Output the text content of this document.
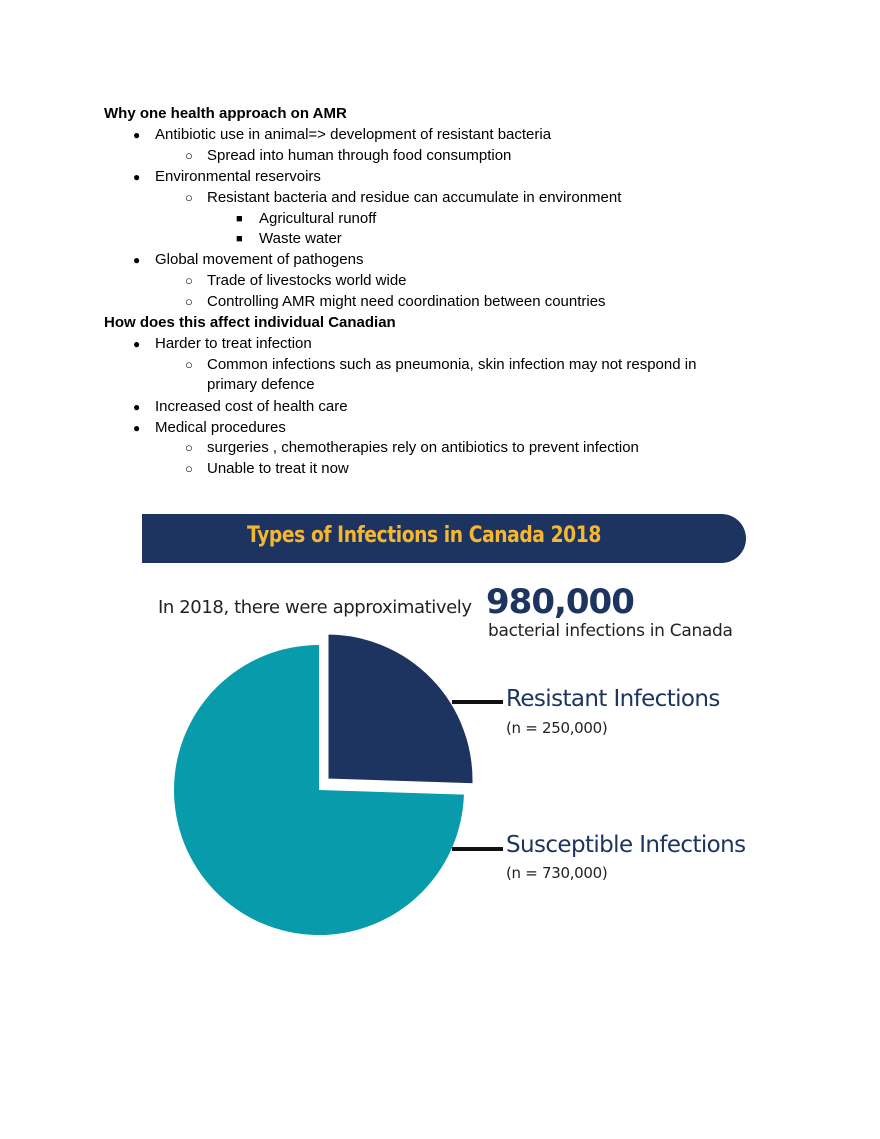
Why one health approach on AMR
● Antibiotic use in animal=> development of resistant bacteria
○ Spread into human through food consumption
● Environmental reservoirs
○ Resistant bacteria and residue can accumulate in environment
■ Agricultural runoff
■ Waste water
● Global movement of pathogens
○ Trade of livestocks world wide
○ Controlling AMR might need coordination between countries
How does this affect individual Canadian
● Harder to treat infection
○ Common infections such as pneumonia, skin infection may not respond in primary defence
● Increased cost of health care
● Medical procedures
○ surgeries , chemotherapies rely on antibiotics to prevent infection
○ Unable to treat it now
Types of Infections in Canada 2018
In 2018, there were approximatively 980,000
bacterial infections in Canada
Resistant Infections
(n = 250,000)
Susceptible Infections
(n = 730,000)
